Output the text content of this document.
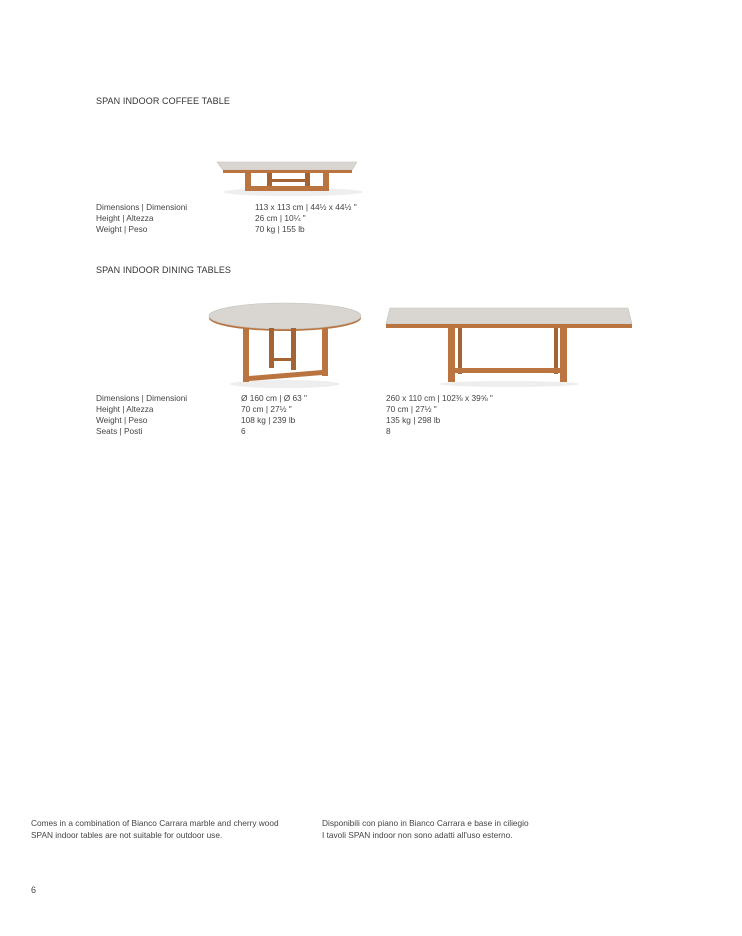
SPAN INDOOR COFFEE TABLE
Dimensions | Dimensioni	113 x 113 cm | 44½ x 44½ "
Height | Altezza	26 cm | 10¼ "
Weight | Peso	70 kg | 155 lb
SPAN INDOOR DINING TABLES
Dimensions | Dimensioni	Ø 160 cm | Ø 63 "	260 x 110 cm | 102⅜ x 39⅝ "
Height | Altezza	70 cm | 27½ "	70 cm | 27½ "
Weight | Peso	108 kg | 239 lb	135 kg | 298 lb
Seats | Posti	6	8
Comes in a combination of Bianco Carrara marble and cherry wood
SPAN indoor tables are not suitable for outdoor use.
Disponibili con piano in Bianco Carrara e base in ciliegio
I tavoli SPAN indoor non sono adatti all'uso esterno.
6
